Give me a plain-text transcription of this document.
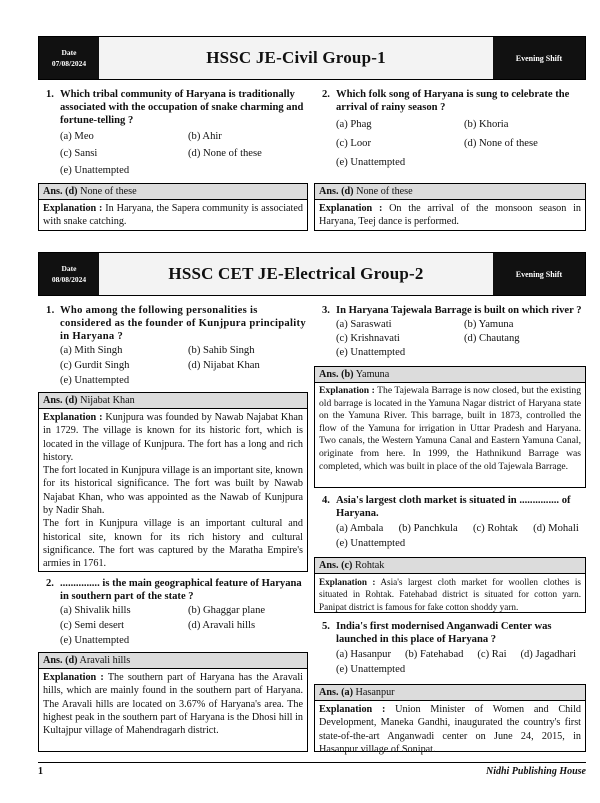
Date
07/08/2024	HSSC JE-Civil Group-1	Evening Shift
1. Which tribal community of Haryana is traditionally associated with the occupation of snake charming and fortune-telling ?
(a) Meo	(b) Ahir
(c) Sansi	(d) None of these
(e) Unattempted
Ans. (d) None of these
Explanation : In Haryana, the Sapera community is associated with snake catching.
2. Which folk song of Haryana is sung to celebrate the arrival of rainy season ?
(a) Phag	(b) Khoria
(c) Loor	(d) None of these
(e) Unattempted
Ans. (d) None of these
Explanation : On the arrival of the monsoon season in Haryana, Teej dance is performed.
Date
08/08/2024	HSSC CET JE-Electrical Group-2	Evening Shift
1. Who among the following personalities is considered as the founder of Kunjpura principality in Haryana ?
(a) Mith Singh	(b) Sahib Singh
(c) Gurdit Singh	(d) Nijabat Khan
(e) Unattempted
Ans. (d) Nijabat Khan

Explanation : Kunjpura was founded by Nawab Najabat Khan in 1729. The village is known for its historic fort, which is located in the village of Kunjpura. The fort has a long and rich history.

The fort located in Kunjpura village is an important site, known for its historical significance. The fort was built by Nawab Najabat Khan, who was appointed as the Nawab of Kunjpura by Nadir Shah.

The fort in Kunjpura village is an important cultural and historical site, known for its rich history and cultural significance. The fort was captured by the Maratha Empire's armies in 1761.

2. ............... is the main geographical feature of Haryana in southern part of the state ?
(a) Shivalik hills	(b) Ghaggar plane
(c) Semi desert	(d) Aravali hills
(e) Unattempted
Ans. (d) Aravali hills
Explanation : The southern part of Haryana has the Aravali hills, which are mainly found in the southern part of Haryana. The Aravali hills are located on 3.67% of Haryana's area. The highest peak in the southern part of Haryana is the Dhosi hill in Kultajpur village of Mahendragarh district.
3. In Haryana Tajewala Barrage is built on which river ?
(a) Saraswati	(b) Yamuna
(c) Krishnavati	(d) Chautang
(e) Unattempted
Ans. (b) Yamuna
Explanation : The Tajewala Barrage is now closed, but the existing old barrage is located in the Yamuna Nagar district of Haryana state on the Yamuna River. This barrage, built in 1873, controlled the flow of the Yamuna for irrigation in Uttar Pradesh and Haryana. Two canals, the Western Yamuna Canal and Eastern Yamuna Canal, originate from here. In 1999, the Hathnikund Barrage was completed, which was built in place of the old Tajewala Barrage.
4. Asia's largest cloth market is situated in ............... of Haryana.
(a) Ambala	(b) Panchkula	(c) Rohtak	(d) Mohali
(e) Unattempted
Ans. (c) Rohtak
Explanation : Asia's largest cloth market for woollen clothes is situated in Rohtak. Fatehabad district is situated for cotton yarn. Panipat district is famous for fake cotton shoddy yarn.
5. India's first modernised Anganwadi Center was launched in this place of Haryana ?
(a) Hasanpur	(b) Fatehabad	(c) Rai	(d) Jagadhari
(e) Unattempted
Ans. (a) Hasanpur
Explanation : Union Minister of Women and Child Development, Maneka Gandhi, inaugurated the country's first state-of-the-art Anganwadi center on June 24, 2015, in Hasanpur village of Sonipat.
1	Nidhi Publishing House
